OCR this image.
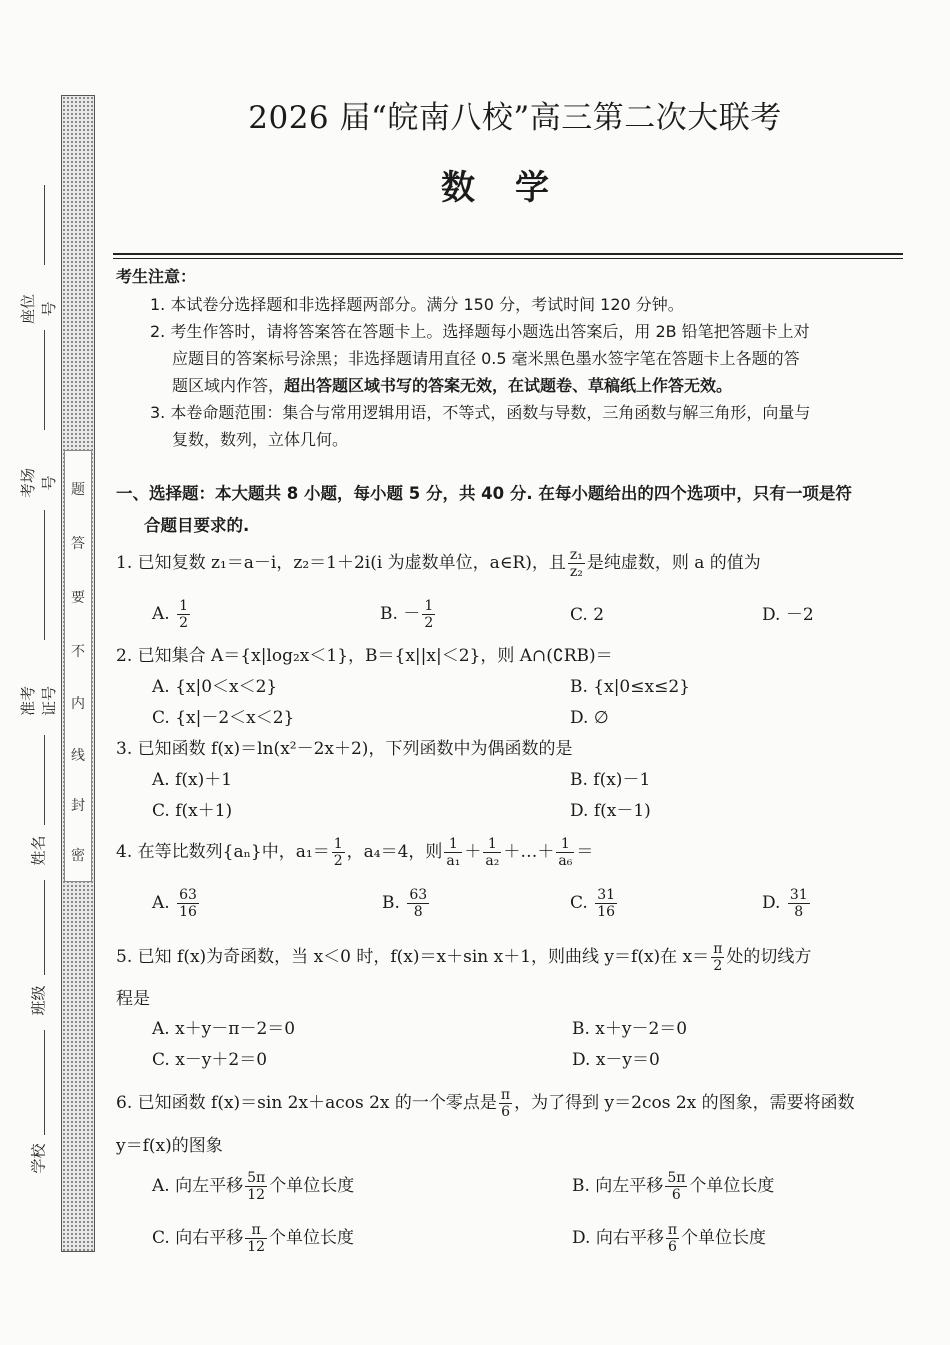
题
答
要
不
内
线
封
密
座位号
考场号
准考证号
姓名
班级
学校
2026 届“皖南八校”高三第二次大联考
数学
考生注意：
1. 本试卷分选择题和非选择题两部分。满分 150 分，考试时间 120 分钟。
2. 考生作答时，请将答案答在答题卡上。选择题每小题选出答案后，用 2B 铅笔把答题卡上对
应题目的答案标号涂黑；非选择题请用直径 0.5 毫米黑色墨水签字笔在答题卡上各题的答
题区域内作答，超出答题区域书写的答案无效，在试题卷、草稿纸上作答无效。
3. 本卷命题范围：集合与常用逻辑用语，不等式，函数与导数，三角函数与解三角形，向量与
复数，数列，立体几何。
一、选择题：本大题共 8 小题，每小题 5 分，共 40 分. 在每小题给出的四个选项中，只有一项是符
合题目要求的.
1. 已知复数 z₁＝a－i，z₂＝1＋2i(i 为虚数单位，a∈R)，且 $\frac{\text{z₁}}{\text{z₂}}$ 是纯虚数，则 a 的值为
A. $\frac{1}{2}$	B. － $\frac{1}{2}$	C. 2	D. －2
2. 已知集合 A＝{x|log₂x＜1}，B＝{x||x|＜2}，则 A∩(∁RB)＝
A. {x|0＜x＜2}	B. {x|0≤x≤2}
C. {x|－2＜x＜2}	D. ∅
3. 已知函数 f(x)＝ln(x²－2x＋2)，下列函数中为偶函数的是
A. f(x)＋1	B. f(x)－1
C. f(x＋1)	D. f(x－1)
4. 在等比数列{aₙ}中，$a_1= \frac{1}{2}$ ，a₄＝4，则 $\frac{1}{\text{a₁}} + \frac{1}{\text{a₂}}$ ＋…＋ $\frac{1}{\text{a₆}}$ ＝
A. $\frac{63}{16}$	B. $\frac{63}{8}$	C. $\frac{31}{16}$	D. $\frac{31}{8}$
5. 已知 f(x)为奇函数，当 x＜0 时，f(x)＝x＋sin x＋1，则曲线 y＝f(x)在 $x= \frac{\pi}{2}$ 处的切线方
程是
A. x＋y－π－2＝0	B. x＋y－2＝0
C. x－y＋2＝0	D. x－y＝0
6. 已知函数 f(x)＝sin 2x＋acos 2x 的一个零点是 $\frac{\pi}{6}$ ，为了得到 y＝2cos 2x 的图象，需要将函数
y＝f(x)的图象
A. 向左平移 $\frac{5\pi}{12}$ 个单位长度	B. 向左平移 $\frac{5\pi}{6}$ 个单位长度
C. 向右平移 $\frac{\pi}{12}$ 个单位长度	D. 向右平移 $\frac{\pi}{6}$ 个单位长度
